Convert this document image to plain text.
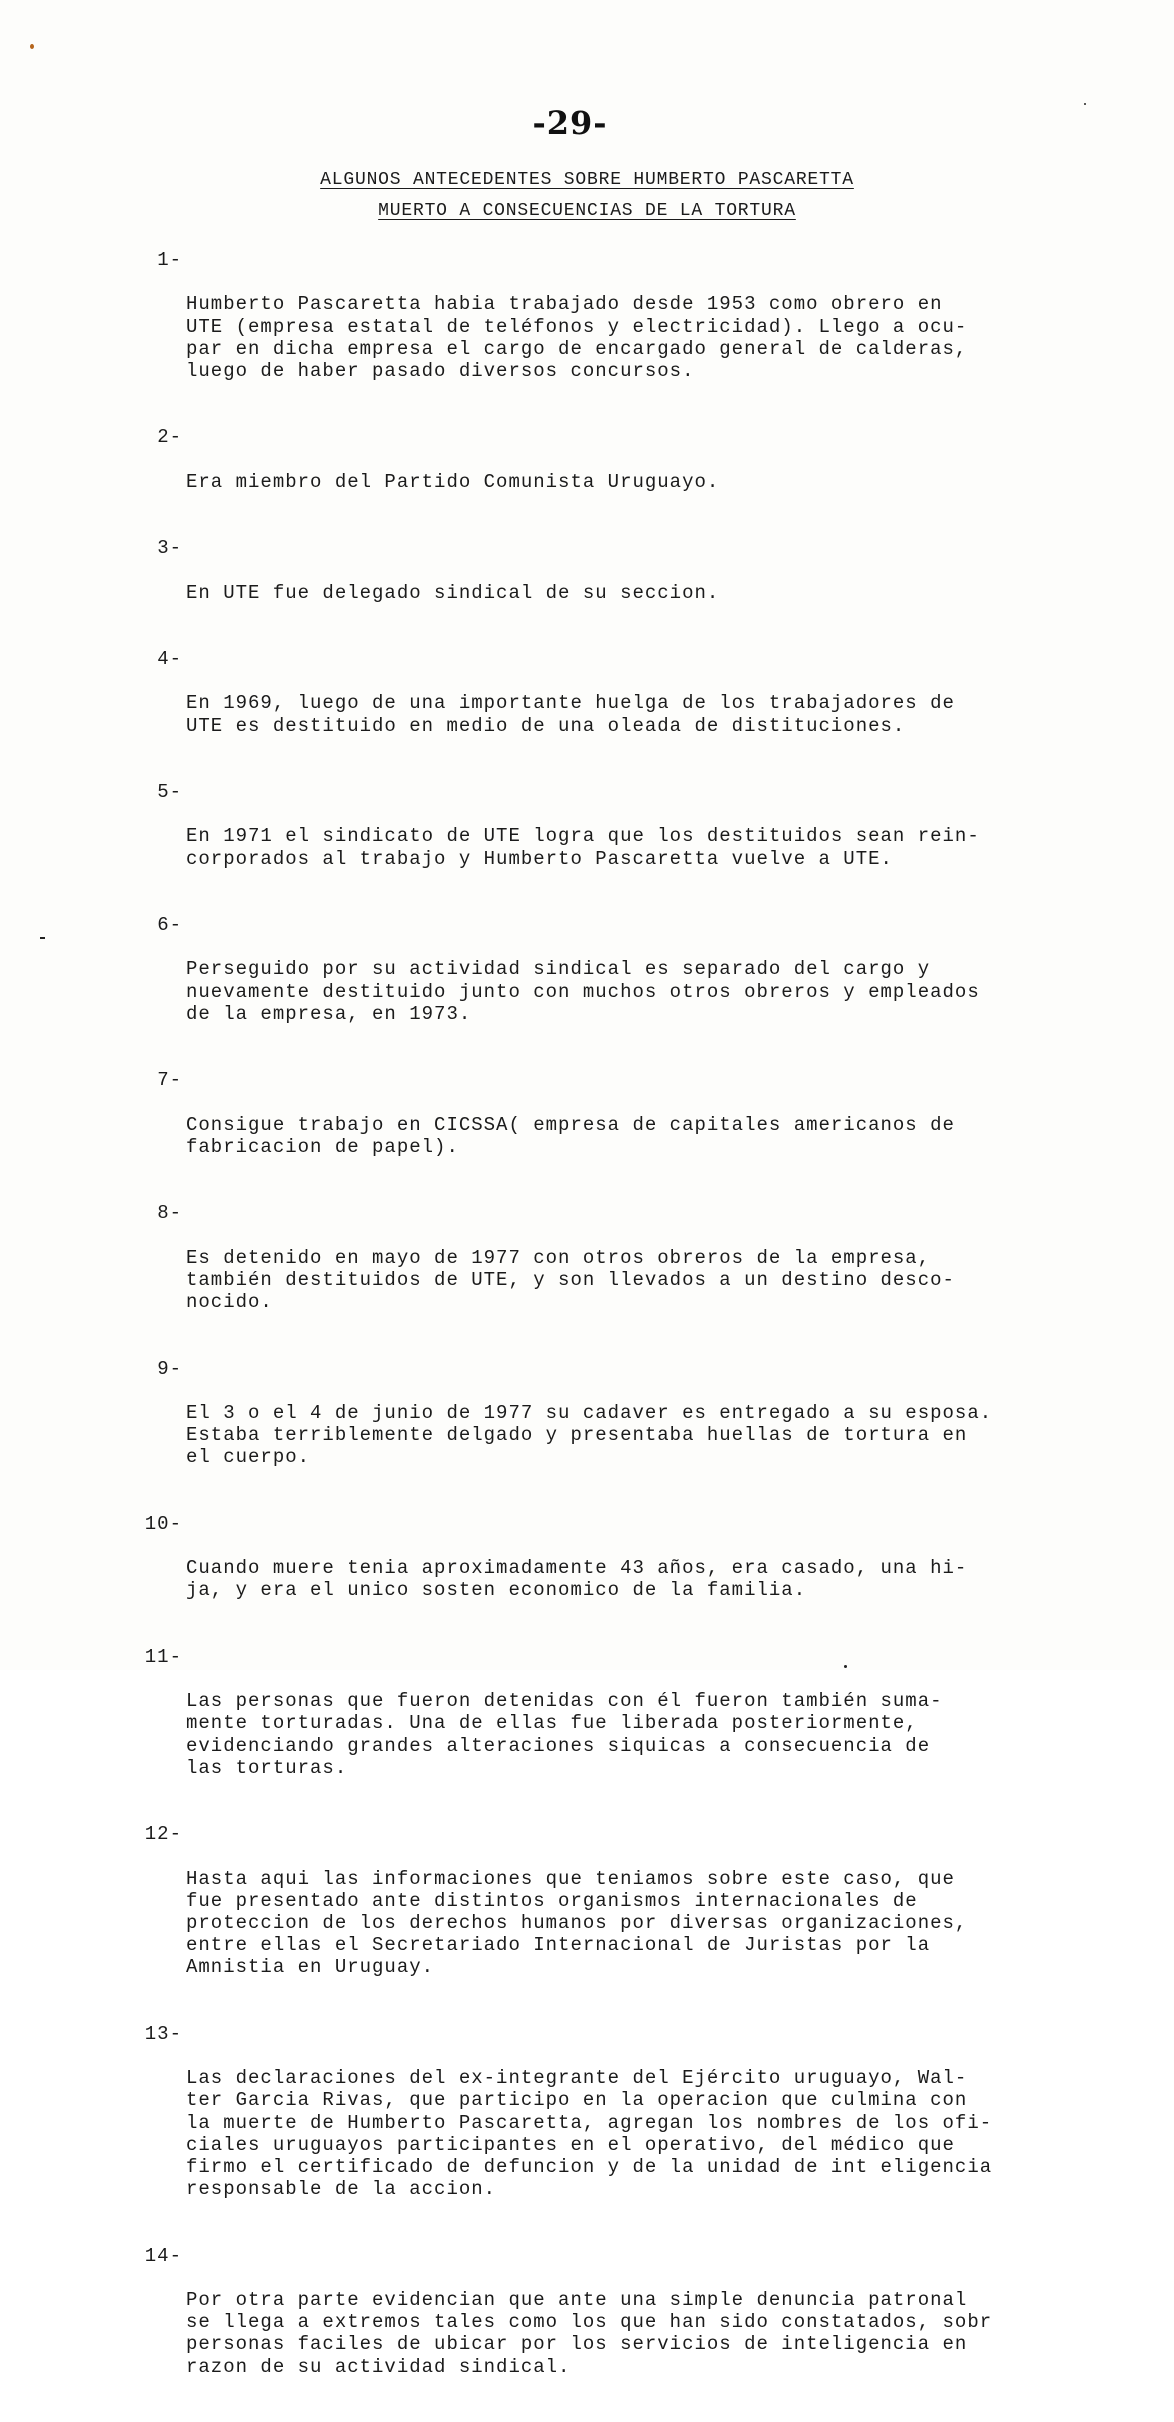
-29-
ALGUNOS ANTECEDENTES SOBRE HUMBERTO PASCARETTA
MUERTO A CONSECUENCIAS DE LA TORTURA

1-

Humberto Pascaretta habia trabajado desde 1953 como obrero en
UTE (empresa estatal de teléfonos y electricidad). Llego a ocu-
par en dicha empresa el cargo de encargado general de calderas,
luego de haber pasado diversos concursos.

2-

Era miembro del Partido Comunista Uruguayo.

3-

En UTE fue delegado sindical de su seccion.

4-

En 1969, luego de una importante huelga de los trabajadores de
UTE es destituido en medio de una oleada de distituciones.

5-

En 1971 el sindicato de UTE logra que los destituidos sean rein-
corporados al trabajo y Humberto Pascaretta vuelve a UTE.

6-

Perseguido por su actividad sindical es separado del cargo y
nuevamente destituido junto con muchos otros obreros y empleados
de la empresa, en 1973.

7-

Consigue trabajo en CICSSA( empresa de capitales americanos de
fabricacion de papel).

8-

Es detenido en mayo de 1977 con otros obreros de la empresa,
también destituidos de UTE, y son llevados a un destino desco-
nocido.

9-

El 3 o el 4 de junio de 1977 su cadaver es entregado a su esposa.
Estaba terriblemente delgado y presentaba huellas de tortura en
el cuerpo.

10-

Cuando muere tenia aproximadamente 43 años, era casado, una hi-
ja, y era el unico sosten economico de la familia.

11-

Las personas que fueron detenidas con él fueron también suma-
mente torturadas. Una de ellas fue liberada posteriormente,
evidenciando grandes alteraciones siquicas a consecuencia de
las torturas.

12-

Hasta aqui las informaciones que teniamos sobre este caso, que
fue presentado ante distintos organismos internacionales de
proteccion de los derechos humanos por diversas organizaciones,
entre ellas el Secretariado Internacional de Juristas por la
Amnistia en Uruguay.

13-

Las declaraciones del ex-integrante del Ejército uruguayo, Wal-
ter Garcia Rivas, que participo en la operacion que culmina con
la muerte de Humberto Pascaretta, agregan los nombres de los ofi-
ciales uruguayos participantes en el operativo, del médico que
firmo el certificado de defuncion y de la unidad de int eligencia
responsable de la accion.

14-

Por otra parte evidencian que ante una simple denuncia patronal
se llega a extremos tales como los que han sido constatados, sobr
personas faciles de ubicar por los servicios de inteligencia en
razon de su actividad sindical.
